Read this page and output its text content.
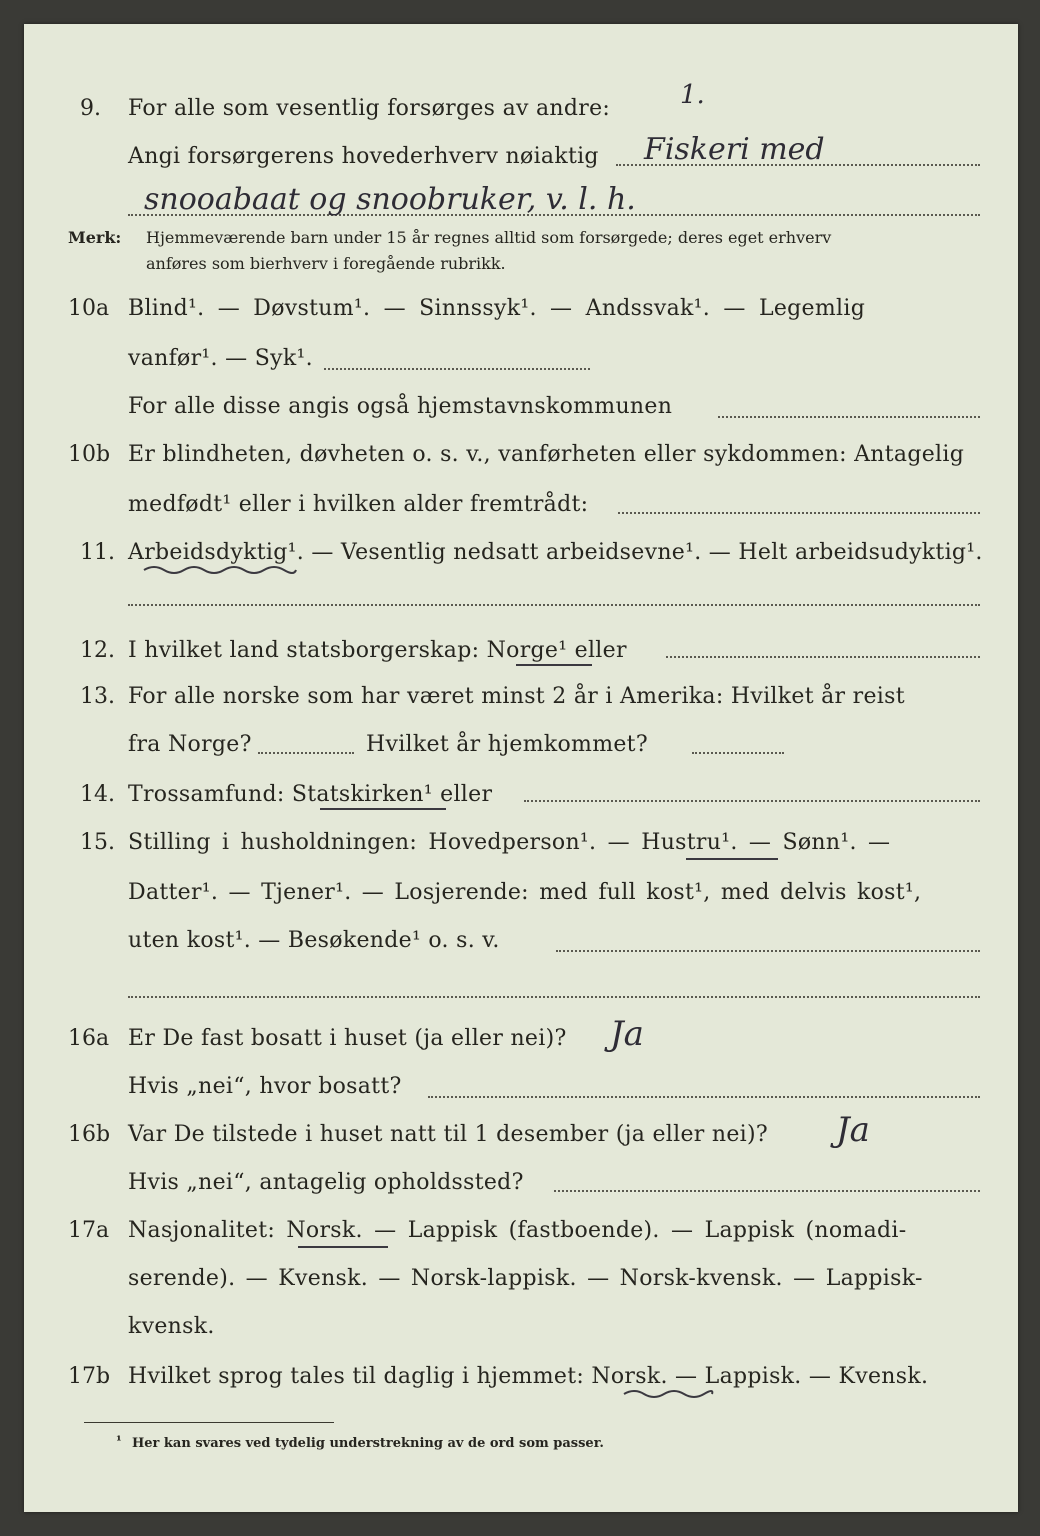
9. For alle som vesentlig forsørges av andre:	1.
Angi forsørgerens hovederhverv nøiaktig Fiskeri med
snooabaat og snoobruker, v. l. h.
Merk: Hjemmeværende barn under 15 år regnes alltid som forsørgede; deres eget erhverv
anføres som bierhverv i foregående rubrikk.
10a Blind¹. — Døvstum¹. — Sinnssyk¹. — Andssvak¹. — Legemlig
vanfør¹. — Syk¹.
For alle disse angis også hjemstavnskommunen
10b Er blindheten, døvheten o. s. v., vanførheten eller sykdommen: Antagelig
medfødt¹ eller i hvilken alder fremtrådt:
11. Arbeidsdyktig¹. — Vesentlig nedsatt arbeidsevne¹. — Helt arbeidsudyktig¹.
12. I hvilket land statsborgerskap: Norge¹ eller
13. For alle norske som har været minst 2 år i Amerika: Hvilket år reist
fra Norge?	Hvilket år hjemkommet?
14. Trossamfund: Statskirken¹ eller
15. Stilling i husholdningen: Hovedperson¹. — Hustru¹. — Sønn¹. —
Datter¹. — Tjener¹. — Losjerende: med full kost¹, med delvis kost¹,
uten kost¹. — Besøkende¹ o. s. v.
16a Er De fast bosatt i huset (ja eller nei)? Ja
Hvis „nei“, hvor bosatt?
16b Var De tilstede i huset natt til 1 desember (ja eller nei)? Ja
Hvis „nei“, antagelig opholdssted?
17a Nasjonalitet: Norsk. — Lappisk (fastboende). — Lappisk (nomadi-
serende). — Kvensk. — Norsk-lappisk. — Norsk-kvensk. — Lappisk-
kvensk.
17b Hvilket sprog tales til daglig i hjemmet: Norsk. — Lappisk. — Kvensk.
¹ Her kan svares ved tydelig understrekning av de ord som passer.
